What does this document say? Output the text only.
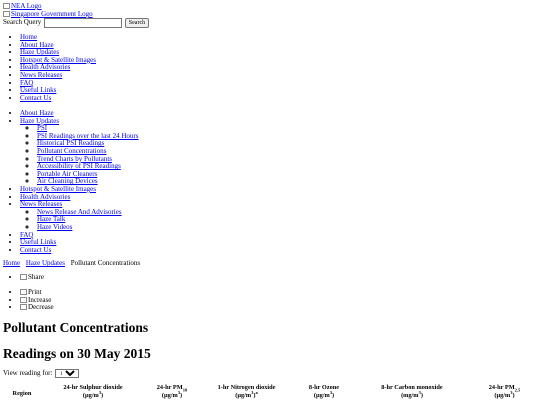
NEA Logo
Singapore Government Logo
Search Query	Search
• Home
• About Haze
• Haze Updates
• Hotspot & Satellite Images
• Health Advisories
• News Releases
• FAQ
• Useful Links
• Contact Us
• About Haze
• Haze Updates
◦ PSI
◦ PSI Readings over the last 24 Hours
◦ Historical PSI Readings
◦ Pollutant Concentrations
◦ Trend Charts by Pollutants
◦ Accessibility of PSI Readings
◦ Portable Air Cleaners
◦ Air Cleaning Devices
• Hotspot & Satellite Images
• Health Advisories
• News Releases
◦ News Release And Advisories
◦ Haze Talk
◦ Haze Videos
• FAQ
• Useful Links
• Contact Us
Home Haze Updates Pollutant Concentrations
• Share
• Print
• Increase
• Decrease
Pollutant Concentrations
Readings on 30 May 2015
View reading for:
12am
Region	24-hr Sulphur dioxide
$(\mu g/m^3)$
	24-hr $PM_{10}$
$(\mu g/m^3)$
	1-hr Nitrogen dioxide
$(\mu g/m^3)^a$
	8-hr Ozone
$(\mu g/m^3)$
	8-hr Carbon monoxide
$(mg/m^3)$
	24-hr $PM_{2.5}$
$(\mu g/m^3)$
